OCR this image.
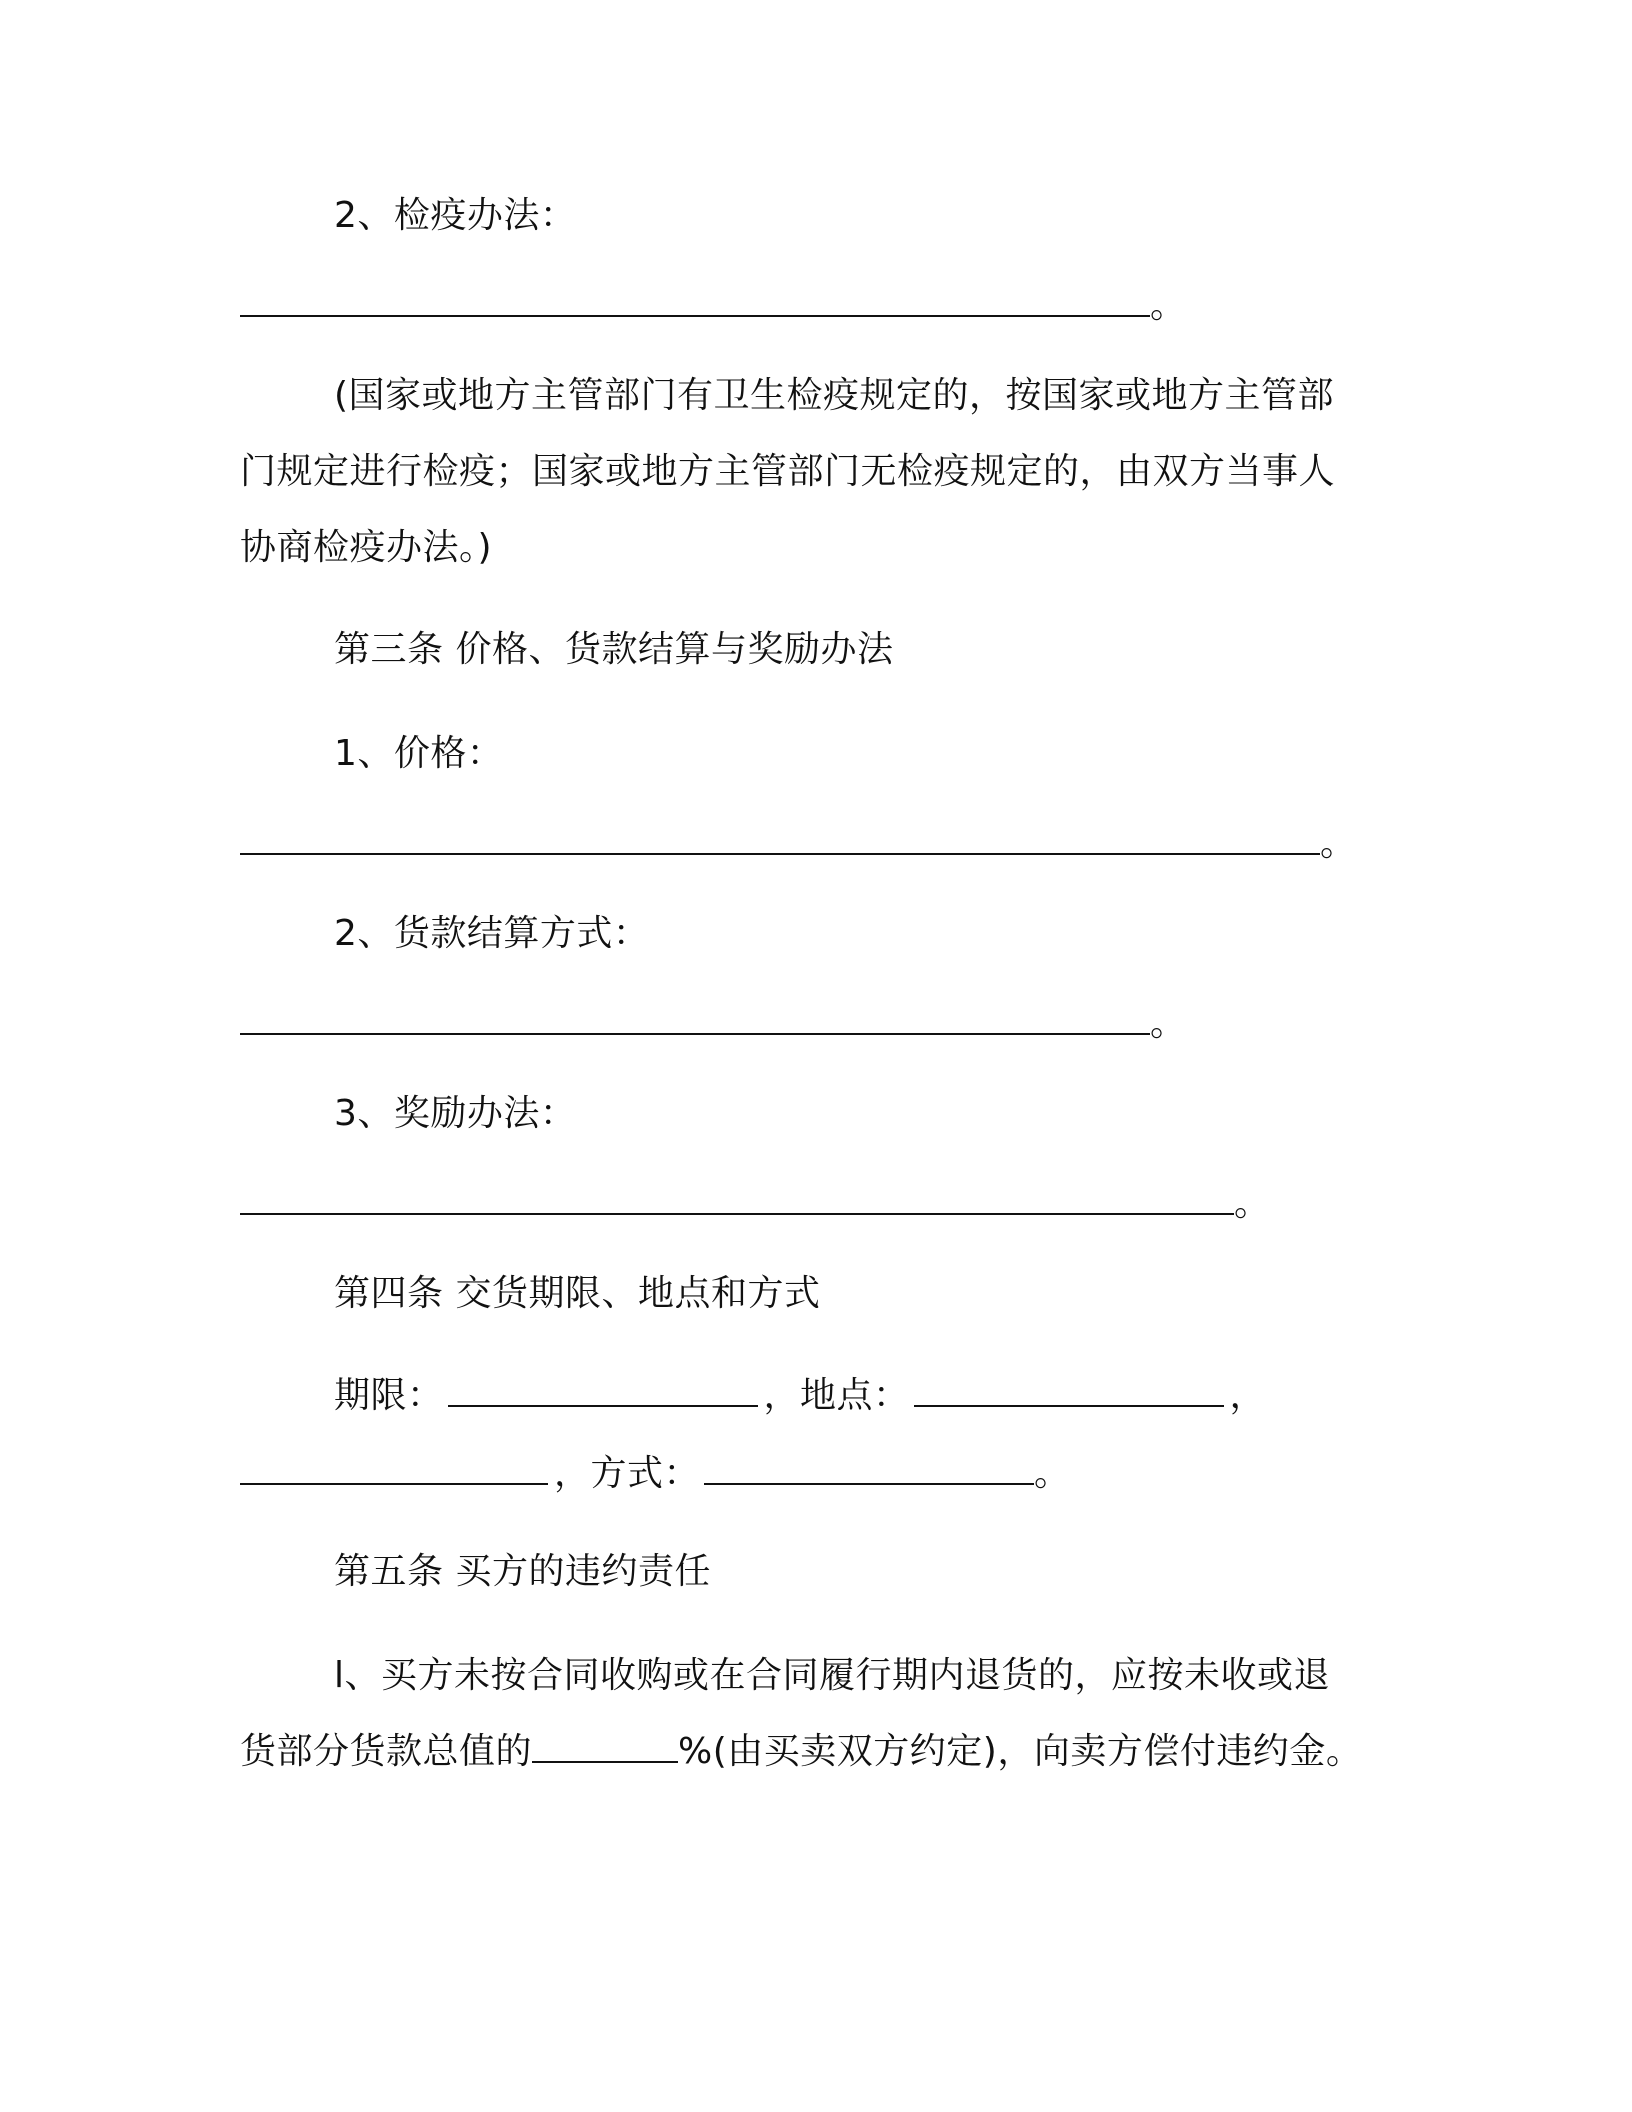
2、检疫办法：
。
(国家或地方主管部门有卫生检疫规定的，按国家或地方主管部
门规定进行检疫；国家或地方主管部门无检疫规定的，由双方当事人
协商检疫办法。)
第三条 价格、货款结算与奖励办法
1、价格：
。
2、货款结算方式：
。
3、奖励办法：
。
第四条 交货期限、地点和方式
期限：	，地点：	，
，方式：	。
第五条 买方的违约责任
l、买方未按合同收购或在合同履行期内退货的，应按未收或退
货部分货款总值的	%(由买卖双方约定)，向卖方偿付违约金。
